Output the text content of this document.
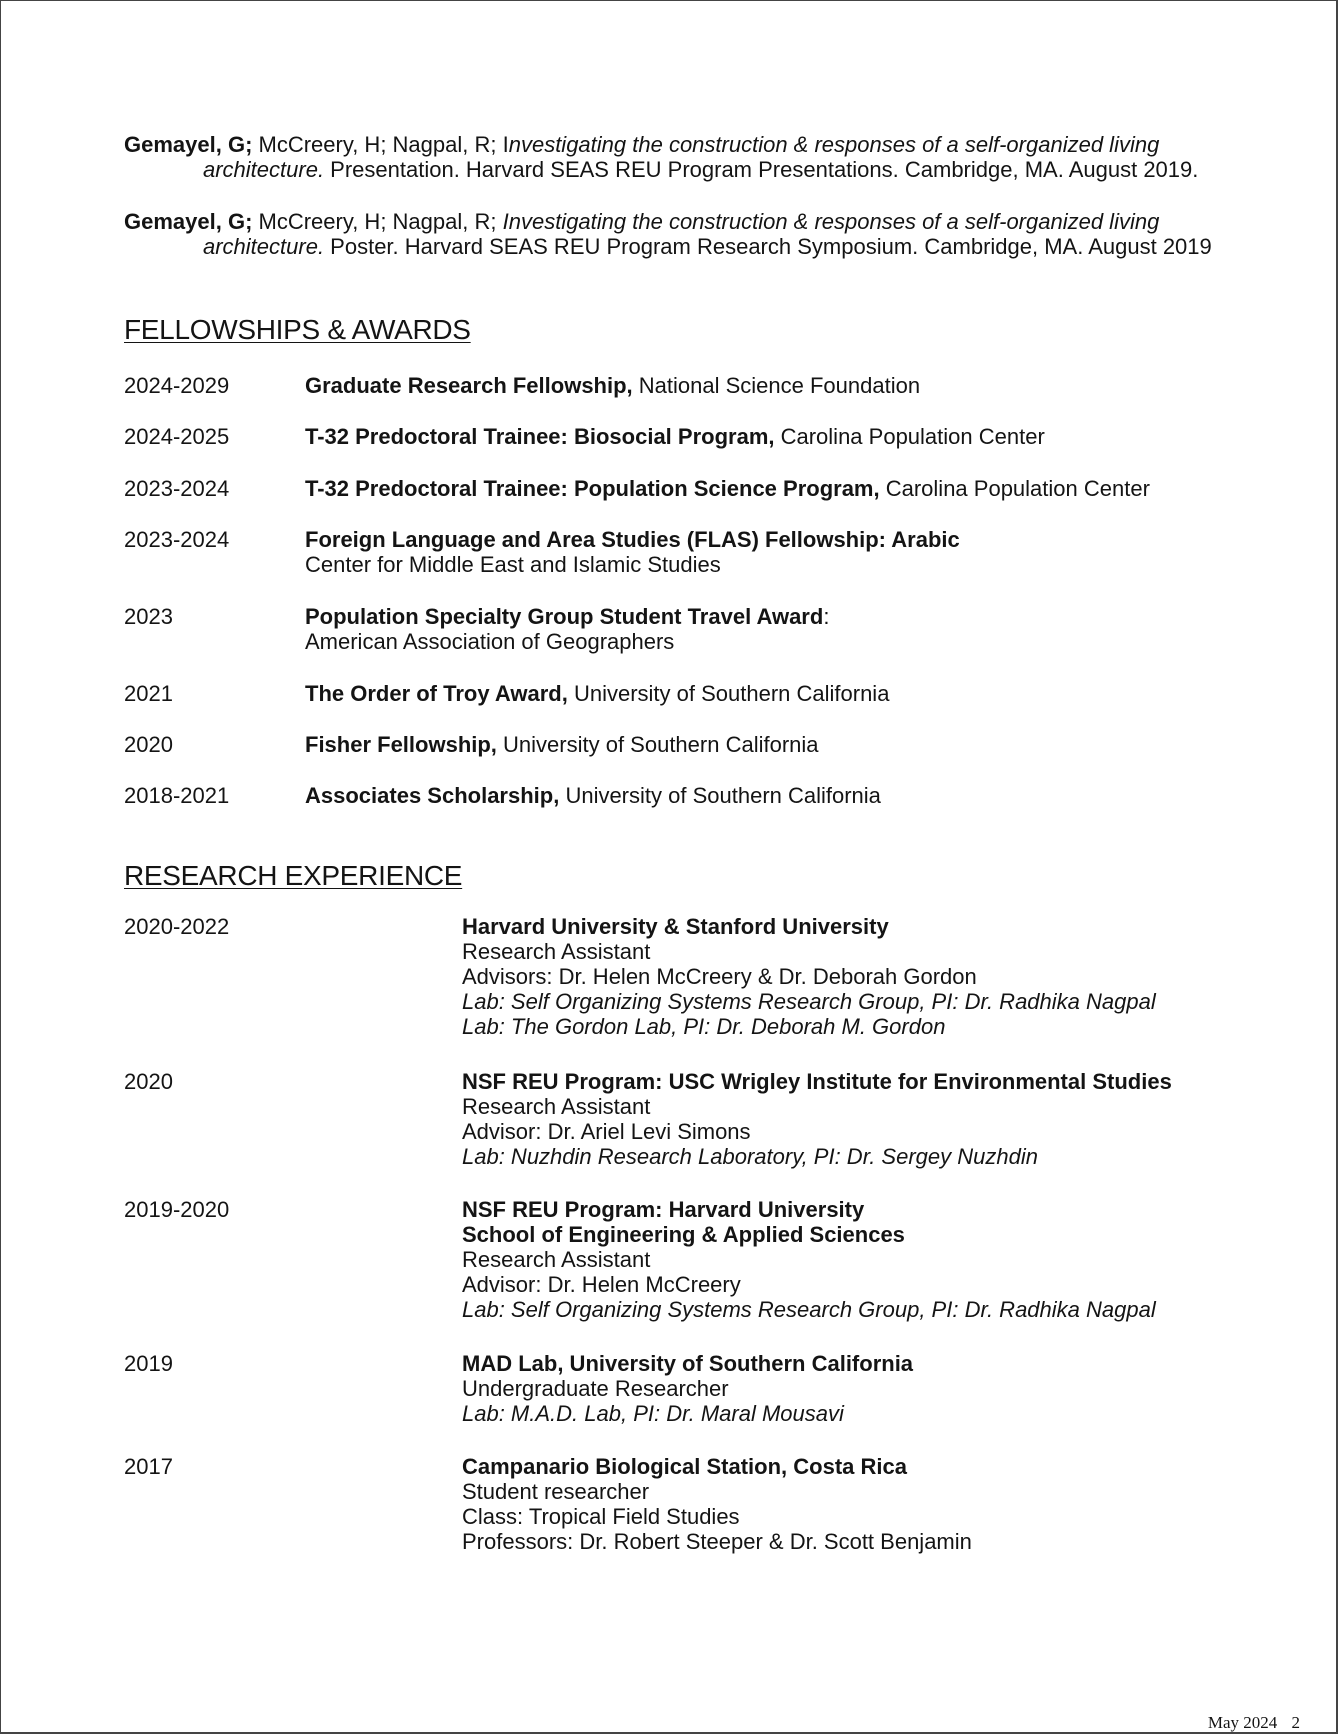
Gemayel, G; McCreery, H; Nagpal, R; Investigating the construction & responses of a self-organized living
architecture. Presentation. Harvard SEAS REU Program Presentations. Cambridge, MA. August 2019.
Gemayel, G; McCreery, H; Nagpal, R; Investigating the construction & responses of a self-organized living
architecture. Poster. Harvard SEAS REU Program Research Symposium. Cambridge, MA. August 2019
FELLOWSHIPS & AWARDS
2024-2029	Graduate Research Fellowship, National Science Foundation
2024-2025	T-32 Predoctoral Trainee: Biosocial Program, Carolina Population Center
2023-2024	T-32 Predoctoral Trainee: Population Science Program, Carolina Population Center
2023-2024	Foreign Language and Area Studies (FLAS) Fellowship: Arabic
Center for Middle East and Islamic Studies
2023	Population Specialty Group Student Travel Award:
American Association of Geographers
2021	The Order of Troy Award, University of Southern California
2020	Fisher Fellowship, University of Southern California
2018-2021	Associates Scholarship, University of Southern California
RESEARCH EXPERIENCE
2020-2022	Harvard University & Stanford University
Research Assistant
Advisors: Dr. Helen McCreery & Dr. Deborah Gordon
Lab: Self Organizing Systems Research Group, PI: Dr. Radhika Nagpal
Lab: The Gordon Lab, PI: Dr. Deborah M. Gordon
2020	NSF REU Program: USC Wrigley Institute for Environmental Studies
Research Assistant
Advisor: Dr. Ariel Levi Simons
Lab: Nuzhdin Research Laboratory, PI: Dr. Sergey Nuzhdin
2019-2020	NSF REU Program: Harvard University
School of Engineering & Applied Sciences
Research Assistant
Advisor: Dr. Helen McCreery
Lab: Self Organizing Systems Research Group, PI: Dr. Radhika Nagpal
2019	MAD Lab, University of Southern California
Undergraduate Researcher
Lab: M.A.D. Lab, PI: Dr. Maral Mousavi
2017	Campanario Biological Station, Costa Rica
Student researcher
Class: Tropical Field Studies
Professors: Dr. Robert Steeper & Dr. Scott Benjamin
May 2024 2
